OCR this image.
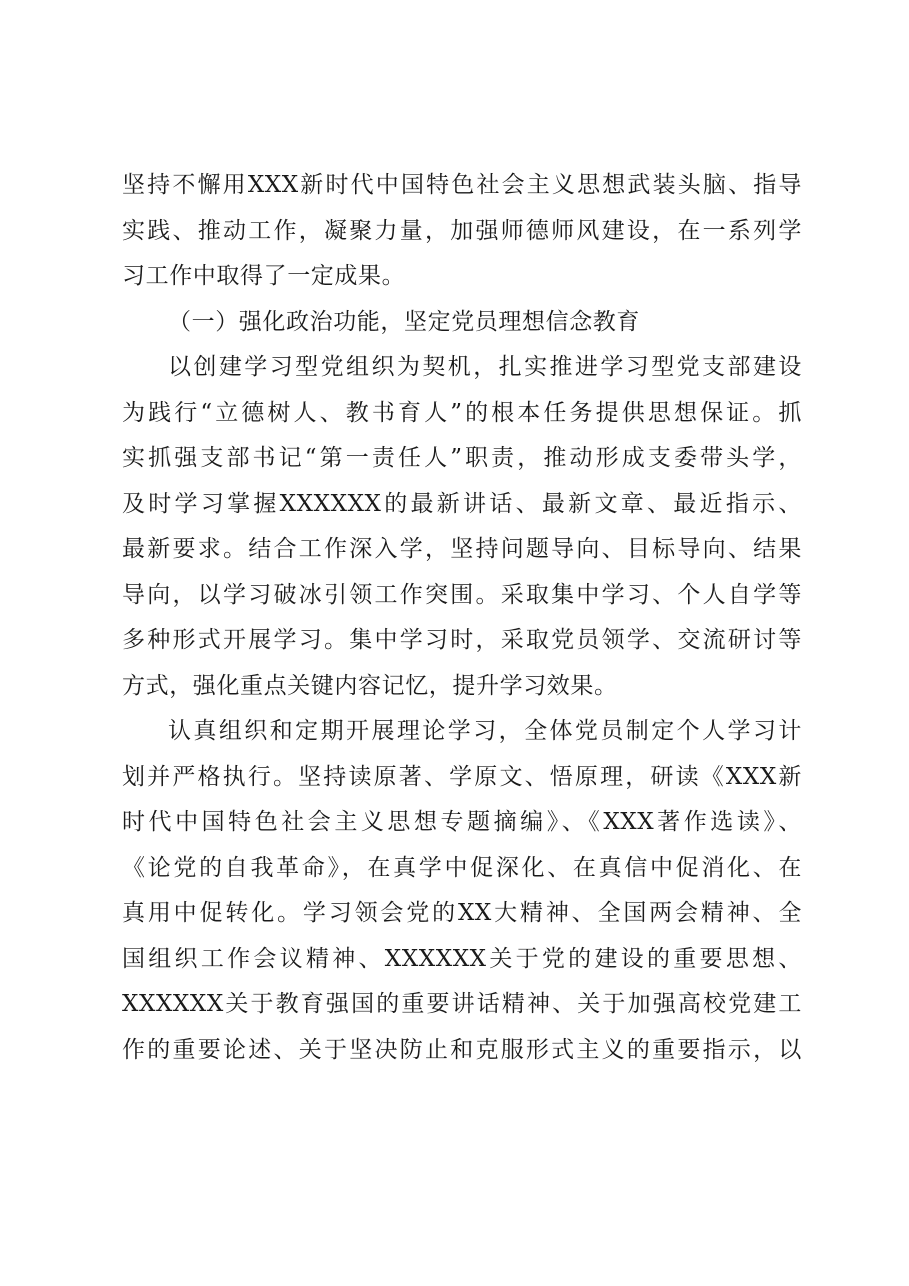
坚持不懈用XXX新时代中国特色社会主义思想武装头脑、指导
实践、推动工作，凝聚力量，加强师德师风建设，在一系列学
习工作中取得了一定成果。
（一）强化政治功能，坚定党员理想信念教育
以创建学习型党组织为契机，扎实推进学习型党支部建设
为践行“立德树人、教书育人”的根本任务提供思想保证。抓
实抓强支部书记“第一责任人”职责，推动形成支委带头学，
及时学习掌握XXXXXX的最新讲话、最新文章、最近指示、
最新要求。结合工作深入学，坚持问题导向、目标导向、结果
导向，以学习破冰引领工作突围。采取集中学习、个人自学等
多种形式开展学习。集中学习时，采取党员领学、交流研讨等
方式，强化重点关键内容记忆，提升学习效果。
认真组织和定期开展理论学习，全体党员制定个人学习计
划并严格执行。坚持读原著、学原文、悟原理，研读《XXX新
时代中国特色社会主义思想专题摘编》、《XXX著作选读》、
《论党的自我革命》，在真学中促深化、在真信中促消化、在
真用中促转化。学习领会党的XX大精神、全国两会精神、全
国组织工作会议精神、XXXXXX关于党的建设的重要思想、
XXXXXX关于教育强国的重要讲话精神、关于加强高校党建工
作的重要论述、关于坚决防止和克服形式主义的重要指示，以
